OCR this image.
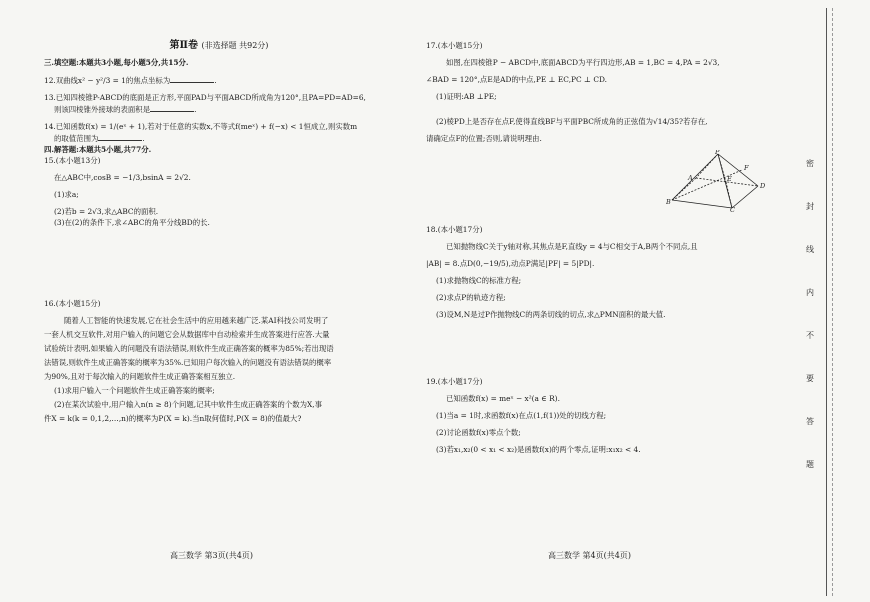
第Ⅱ卷 (非选择题 共92分)
三.填空题:本题共3小题,每小题5分,共15分.
12.双曲线x² − y²/3 = 1的焦点坐标为	.
13.已知四棱锥P-ABCD的底面是正方形,平面PAD与平面ABCD所成角为120°,且PA=PD=AD=6,
则该四棱锥外接球的表面积是	.
14.已知函数f(x) = 1/(eˣ + 1),若对于任意的实数x,不等式f(meˣ) + f(−x) < 1恒成立,则实数m
的取值范围为	.
四.解答题:本题共5小题,共77分.
15.(本小题13分)
在△ABC中,cosB = −1/3,bsinA = 2√2.
(1)求a;
(2)若b = 2√3,求△ABC的面积.
(3)在(2)的条件下,求∠ABC的角平分线BD的长.
16.(本小题15分)
随着人工智能的快速发展,它在社会生活中的应用越来越广泛.某AI科技公司发明了
一套人机交互软件,对用户输入的问题它会从数据库中自动检索并生成答案进行应答.大量
试验统计表明,如果输入的问题没有语法错误,则软件生成正确答案的概率为85%;若出现语
法错误,则软件生成正确答案的概率为35%.已知用户每次输入的问题没有语法错误的概率
为90%,且对于每次输入的问题软件生成正确答案相互独立.
(1)求用户输入一个问题软件生成正确答案的概率;
(2)在某次试验中,用户输入n(n ≥ 8)个问题,记其中软件生成正确答案的个数为X,事
件X = k(k = 0,1,2,…,n)的概率为P(X = k).当n取何值时,P(X = 8)的值最大?
高三数学 第3页(共4页)
17.(本小题15分)
如图,在四棱锥P − ABCD中,底面ABCD为平行四边形,AB = 1,BC = 4,PA = 2√3,
∠BAD = 120°,点E是AD的中点,PE ⊥ EC,PC ⊥ CD.
(1)证明:AB ⊥PE;
(2)棱PD上是否存在点F,使得直线BF与平面PBC所成角的正弦值为√14/35?若存在,
请确定点F的位置;否则,请说明理由.
18.(本小题17分)
已知抛物线C关于y轴对称,其焦点是F,直线y = 4与C相交于A,B两个不同点,且
|AB| = 8.点D(0,−19/5),动点P满足|PF| = 5|PD|.
(1)求抛物线C的标准方程;
(2)求点P的轨迹方程;
(3)设M,N是过P作抛物线C的两条切线的切点,求△PMN面积的最大值.
19.(本小题17分)
已知函数f(x) = meˣ − x²(a ∈ R).
(1)当a = 1时,求函数f(x)在点(1,f(1))处的切线方程;
(2)讨论函数f(x)零点个数;
(3)若x₁,x₂(0 < x₁ < x₂)是函数f(x)的两个零点,证明:x₁x₂ < 4.
P
A
B
C
D
E
F
高三数学 第4页(共4页)
密
封
线
内
不
要
答
题
